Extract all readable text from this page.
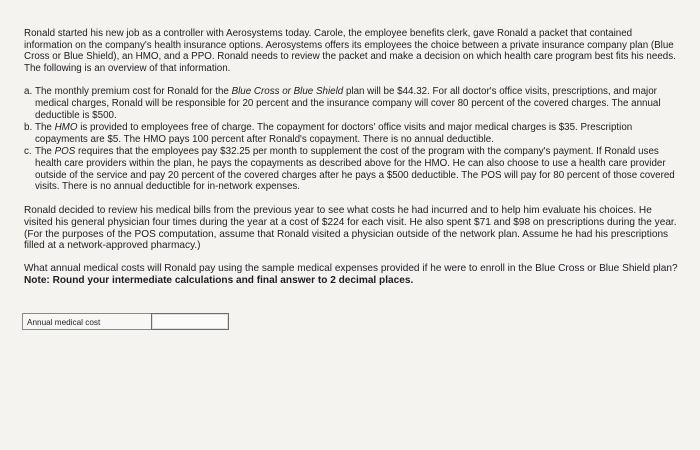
Ronald started his new job as a controller with Aerosystems today. Carole, the employee benefits clerk, gave Ronald a packet that contained information on the company's health insurance options. Aerosystems offers its employees the choice between a private insurance company plan (Blue Cross or Blue Shield), an HMO, and a PPO. Ronald needs to review the packet and make a decision on which health care program best fits his needs. The following is an overview of that information.

a. The monthly premium cost for Ronald for the Blue Cross or Blue Shield plan will be $44.32. For all doctor's office visits, prescriptions, and major medical charges, Ronald will be responsible for 20 percent and the insurance company will cover 80 percent of the covered charges. The annual deductible is $500.
b. The HMO is provided to employees free of charge. The copayment for doctors' office visits and major medical charges is $35. Prescription copayments are $5. The HMO pays 100 percent after Ronald's copayment. There is no annual deductible.
c. The POS requires that the employees pay $32.25 per month to supplement the cost of the program with the company's payment. If Ronald uses health care providers within the plan, he pays the copayments as described above for the HMO. He can also choose to use a health care provider outside of the service and pay 20 percent of the covered charges after he pays a $500 deductible. The POS will pay for 80 percent of those covered visits. There is no annual deductible for in-network expenses.

Ronald decided to review his medical bills from the previous year to see what costs he had incurred and to help him evaluate his choices. He visited his general physician four times during the year at a cost of $224 for each visit. He also spent $71 and $98 on prescriptions during the year. (For the purposes of the POS computation, assume that Ronald visited a physician outside of the network plan. Assume he had his prescriptions filled at a network-approved pharmacy.)

What annual medical costs will Ronald pay using the sample medical expenses provided if he were to enroll in the Blue Cross or Blue Shield plan?

Note: Round your intermediate calculations and final answer to 2 decimal places.

Annual medical cost
